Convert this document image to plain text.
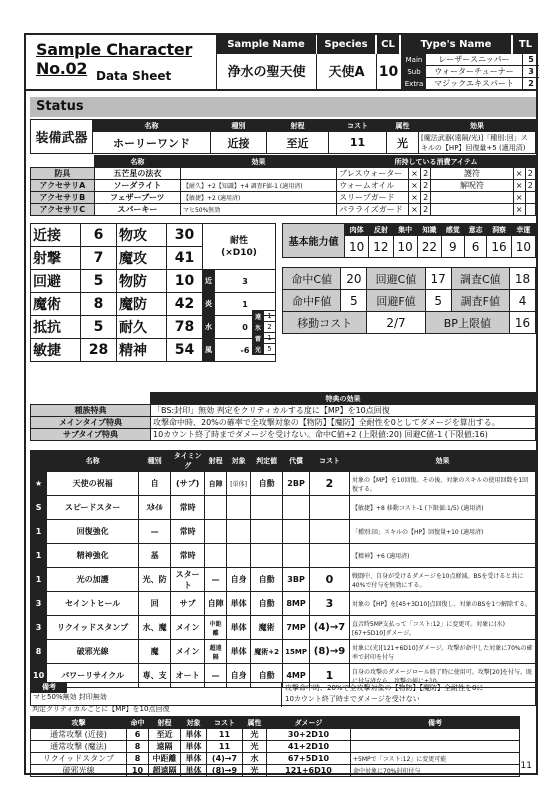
Sample Character No.02 Data Sheet
Sample Name
浄水の聖天使
Species
天使A
CL
10
Type's Name	TL
Main	レーザースニッパー	5
Sub	ウォーターチューナー	3
Extra	マジックエキスパート	2
Status
装備武器	名称	種別	射程	コスト	属性	効果
	ホーリーワンド	近接	至近	11	光	[魔法武器(遠隔/光)]「種別:回」スキルの【HP】回復量+5 (適用済)
	名称	効果	所持している消費アイテム					
防具	五芒星の法衣		ブレスウォーター	×	2	護符	×	2
アクセサリA	ソーダライト	【耐久】+2【知識】+4 調査F値-1 (適用済)	ウォームオイル	×	2	解呪符	×	2
アクセサリB	フェザーブーツ	【敏捷】+2 (適用済)	スリープガード	×	2		×	
アクセサリC	スパーキー	マヒ50%無効	パラライズガード	×	2		×	
近接	6	物攻	30	耐性
(×D10)	
射撃	7	魔攻	41		
回避	5	物防	10	近	3
魔術	8	魔防	42	炎	1
抵抗	5	耐久	78	水	0
敏捷	28	精神	54	風	-6
遠	1
氷	2
雷	1
光	5
基本能力値	肉体	反射	集中	知識	感覚	意志	洞察	幸運
	10	12	10	22	9	6	16	10
命中C値	20	回避C値	17	調査C値	18
命中F値	5	回避F値	5	調査F値	4
移動コスト		2/7	BP上限値		16
	特典の効果
種族特典	「BS:封印」無効 判定をクリティカルする度に【MP】を10点回復
メインタイプ特典	攻撃命中時、20%の確率で全攻撃対象の【物防】【魔防】全耐性を0としてダメージを算出する。
サブタイプ特典	10カウント終了時までダメージを受けない。命中C値+2 (上限値:20) 回避C値-1 (下限値:16)
	名称	種別	タイミング	射程	対象	判定値	代償	コスト	効果
★	天使の祝福	自	(サブ)	自陣	[単体]	自動	2BP	2	対象の【MP】を10回復。その後、対象のスキルの使用回数を1回復する。
S	スピードスター	ｽﾀｲﾙ	常時						【敏捷】+8 移動コスト-1 (下限値:1/5) (適用済)
1	回復強化	—	常時						「種別:回」スキルの【HP】回復量+10 (適用済)
1	精神強化	基	常時						【精神】+6 (適用済)
1	光の加護	光、防	スタート	—	自身	自動	3BP	0	戦闘中、自身が受けるダメージを10点軽減。BSを受けると共に40%で付与を無効にする。
3	セイントヒール	回	サブ	自陣	単体	自動	8MP	3	対象の【HP】を[45+3D10]点回復し、対象のBSを1つ解除する。
3	リクイッドスタンプ	水、魔	メイン	中距離	単体	魔術	7MP	(4)→7	直音時5MP支払って「コスト:12」に変更可。対象に(水)[67+5D10]ダメージ。
8	破邪光線	魔	メイン	超遠隔	単体	魔術+2	15MP	(8)→9	対象に(光)[121+6D10]ダメージ。攻撃が命中した対象に70%の確率で封印を付与
10	パワーリサイクル	専、支	オート	—	自身	自動	4MP	1	自身の攻撃のダメージロール終了時に使用可。攻撃[20]を付与。既に付与済なら、攻撃の値に+10。
備考
マヒ50%無効 封印無効
攻撃命中時、20%で全攻撃対象の【物防】【魔防】全耐性を0に
10カウント終了時までダメージを受けない
判定クリティカルごとに【MP】を10点回復
攻撃	命中	射程	対象	コスト	属性	ダメージ	備考
通常攻撃 (近接)	6	至近	単体	11	光	30+2D10	
通常攻撃 (魔法)	8	遠隔	単体	11	光	41+2D10	
リクイッドスタンプ	8	中距離	単体	(4)→7	水	67+5D10	+5MPで「コスト:12」に変更可能
破邪光線	10	超遠隔	単体	(8)→9	光	121+6D10	命中対象に70%封印付与
11
